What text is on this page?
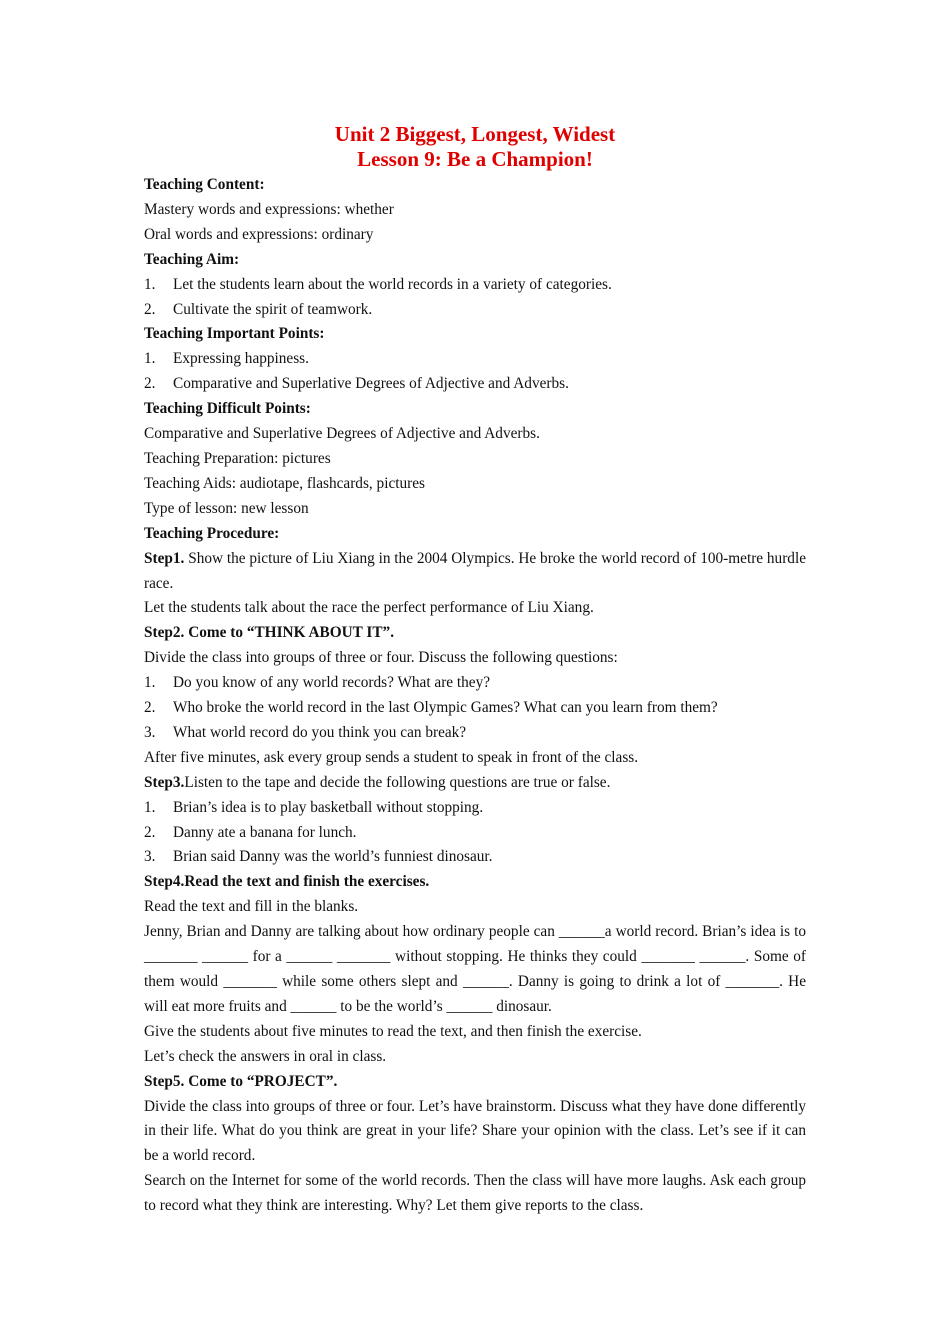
Unit 2 Biggest, Longest, Widest

Lesson 9: Be a Champion!

Teaching Content:

Mastery words and expressions: whether

Oral words and expressions: ordinary

Teaching Aim:

1. Let the students learn about the world records in a variety of categories.

2. Cultivate the spirit of teamwork.

Teaching Important Points:

1. Expressing happiness.

2. Comparative and Superlative Degrees of Adjective and Adverbs.

Teaching Difficult Points:

Comparative and Superlative Degrees of Adjective and Adverbs.

Teaching Preparation: pictures

Teaching Aids: audiotape, flashcards, pictures

Type of lesson: new lesson

Teaching Procedure:

Step1. Show the picture of Liu Xiang in the 2004 Olympics. He broke the world record of 100-metre hurdle race.

Let the students talk about the race the perfect performance of Liu Xiang.

Step2. Come to “THINK ABOUT IT”.

Divide the class into groups of three or four. Discuss the following questions:

1. Do you know of any world records? What are they?

2. Who broke the world record in the last Olympic Games? What can you learn from them?

3. What world record do you think you can break?

After five minutes, ask every group sends a student to speak in front of the class.

Step3.Listen to the tape and decide the following questions are true or false.

1. Brian’s idea is to play basketball without stopping.

2. Danny ate a banana for lunch.

3. Brian said Danny was the world’s funniest dinosaur.

Step4.Read the text and finish the exercises.

Read the text and fill in the blanks.

Jenny, Brian and Danny are talking about how ordinary people can ______a world record. Brian’s idea is to _______ ______ for a ______ _______ without stopping. He thinks they could _______ ______. Some of them would _______ while some others slept and ______. Danny is going to drink a lot of _______. He will eat more fruits and ______ to be the world’s ______ dinosaur.

Give the students about five minutes to read the text, and then finish the exercise.

Let’s check the answers in oral in class.

Step5. Come to “PROJECT”.

Divide the class into groups of three or four. Let’s have brainstorm. Discuss what they have done differently in their life. What do you think are great in your life? Share your opinion with the class. Let’s see if it can be a world record.

Search on the Internet for some of the world records. Then the class will have more laughs. Ask each group to record what they think are interesting. Why? Let them give reports to the class.
